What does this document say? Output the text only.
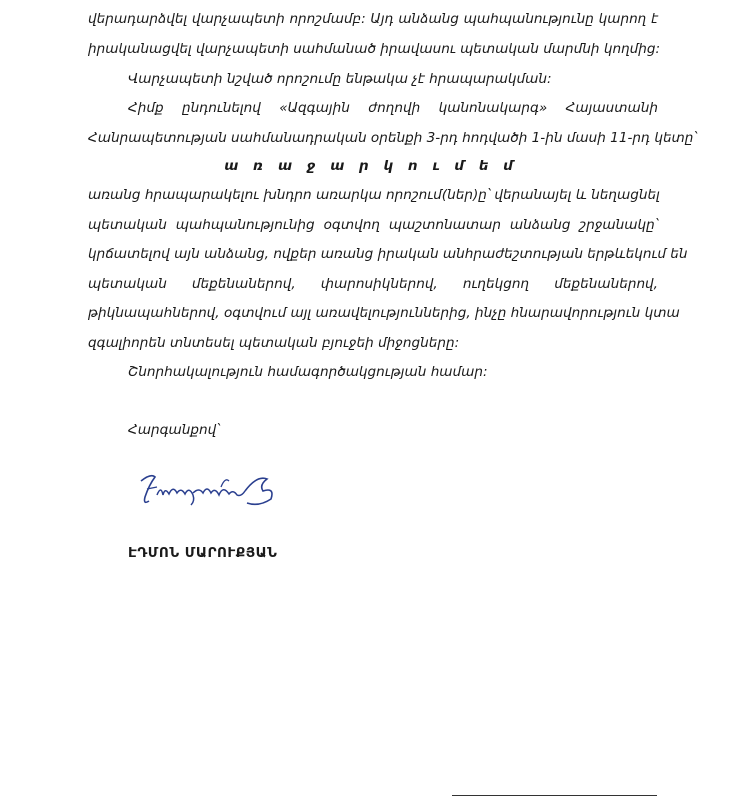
վերադարձվել վարչապետի որոշմամբ: Այդ անձանց պահպանությունը կարող է
իրականացվել վարչապետի սահմանած իրավասու պետական մարմնի կողմից:
Վարչապետի նշված որոշումը ենթակա չէ հրապարակման:
Հիմք ընդունելով «Ազգային ժողովի կանոնակարգ» Հայաստանի
Հանրապետության սահմանադրական օրենքի 3-րդ հոդվածի 1-ին մասի 11-րդ կետը՝
ա ռ ա ջ ա ր կ ո ւ մ ե մ
առանց հրապարակելու խնդրո առարկա որոշում(ներ)ը՝ վերանայել և նեղացնել
պետական պահպանությունից օգտվող պաշտոնատար անձանց շրջանակը՝
կրճատելով այն անձանց, ովքեր առանց իրական անհրաժեշտության երթևեկում են
պետական մեքենաներով, փարոսիկներով, ուղեկցող մեքենաներով,
թիկնապահներով, օգտվում այլ առավելություններից, ինչը հնարավորություն կտա
զգալիորեն տնտեսել պետական բյուջեի միջոցները:
Շնորհակալություն համագործակցության համար:
Հարգանքով՝
ԷԴՄՈՆ ՄԱՐՈՒՔՅԱՆ
